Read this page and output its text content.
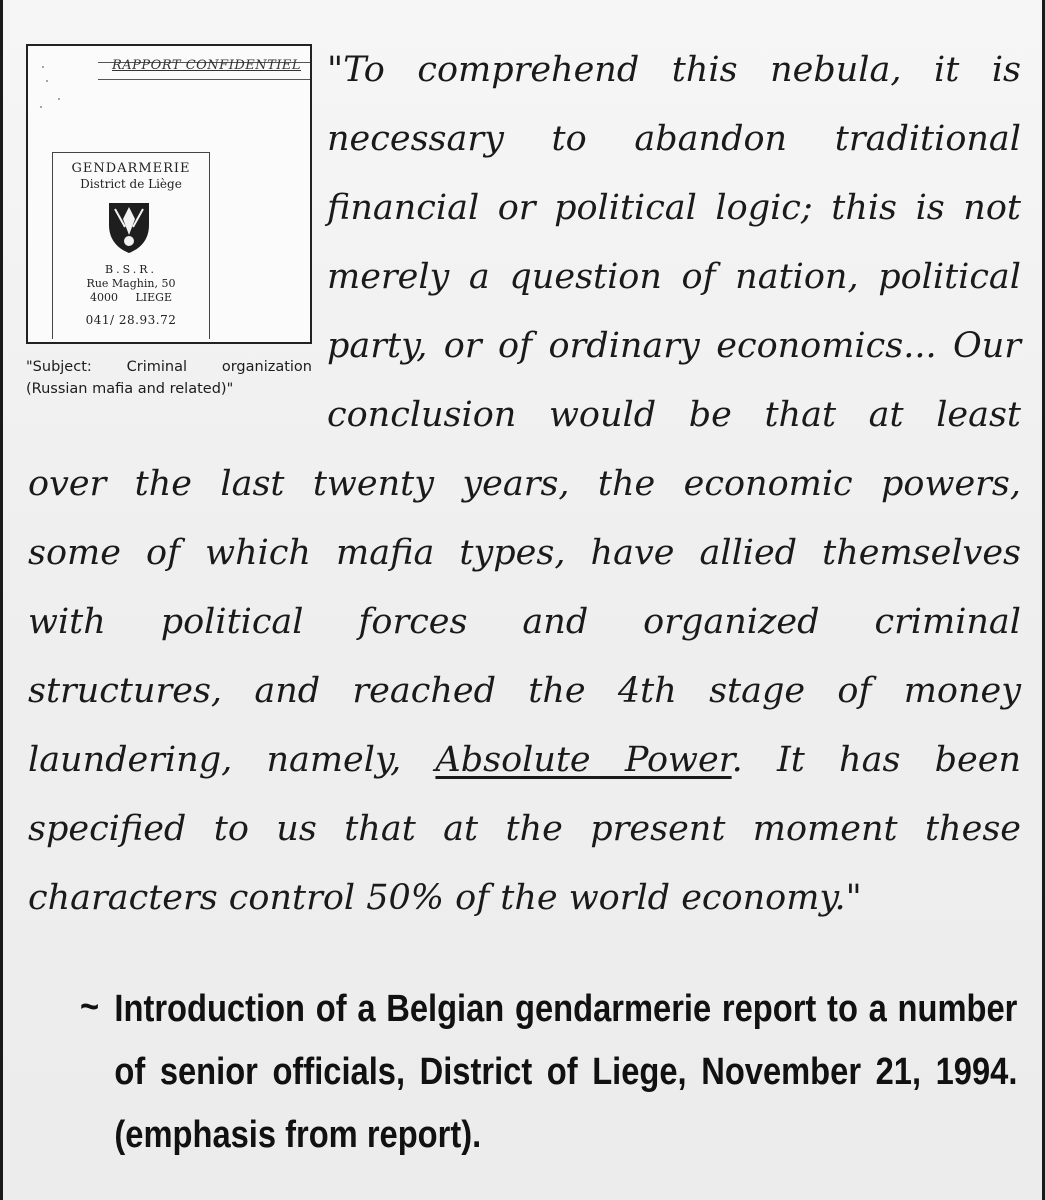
RAPPORT CONFIDENTIEL
GENDARMERIE
District de Liège
B.S.R.
Rue Maghin, 50
4000 LIEGE
041/ 28.93.72
"Subject: Criminal organization (Russian mafia and related)"
"To comprehend this nebula, it is
necessary to abandon traditional
financial or political logic; this is not
merely a question of nation, political
party, or of ordinary economics... Our
conclusion would be that at least
over the last twenty years, the economic powers,
some of which mafia types, have allied themselves
with political forces and organized criminal
structures, and reached the 4th stage of money
laundering, namely, Absolute Power. It has been
specified to us that at the present moment these
characters control 50% of the world economy."
~ Introduction of a Belgian gendarmerie report to a number of senior officials, District of Liege, November 21, 1994. (emphasis from report).
